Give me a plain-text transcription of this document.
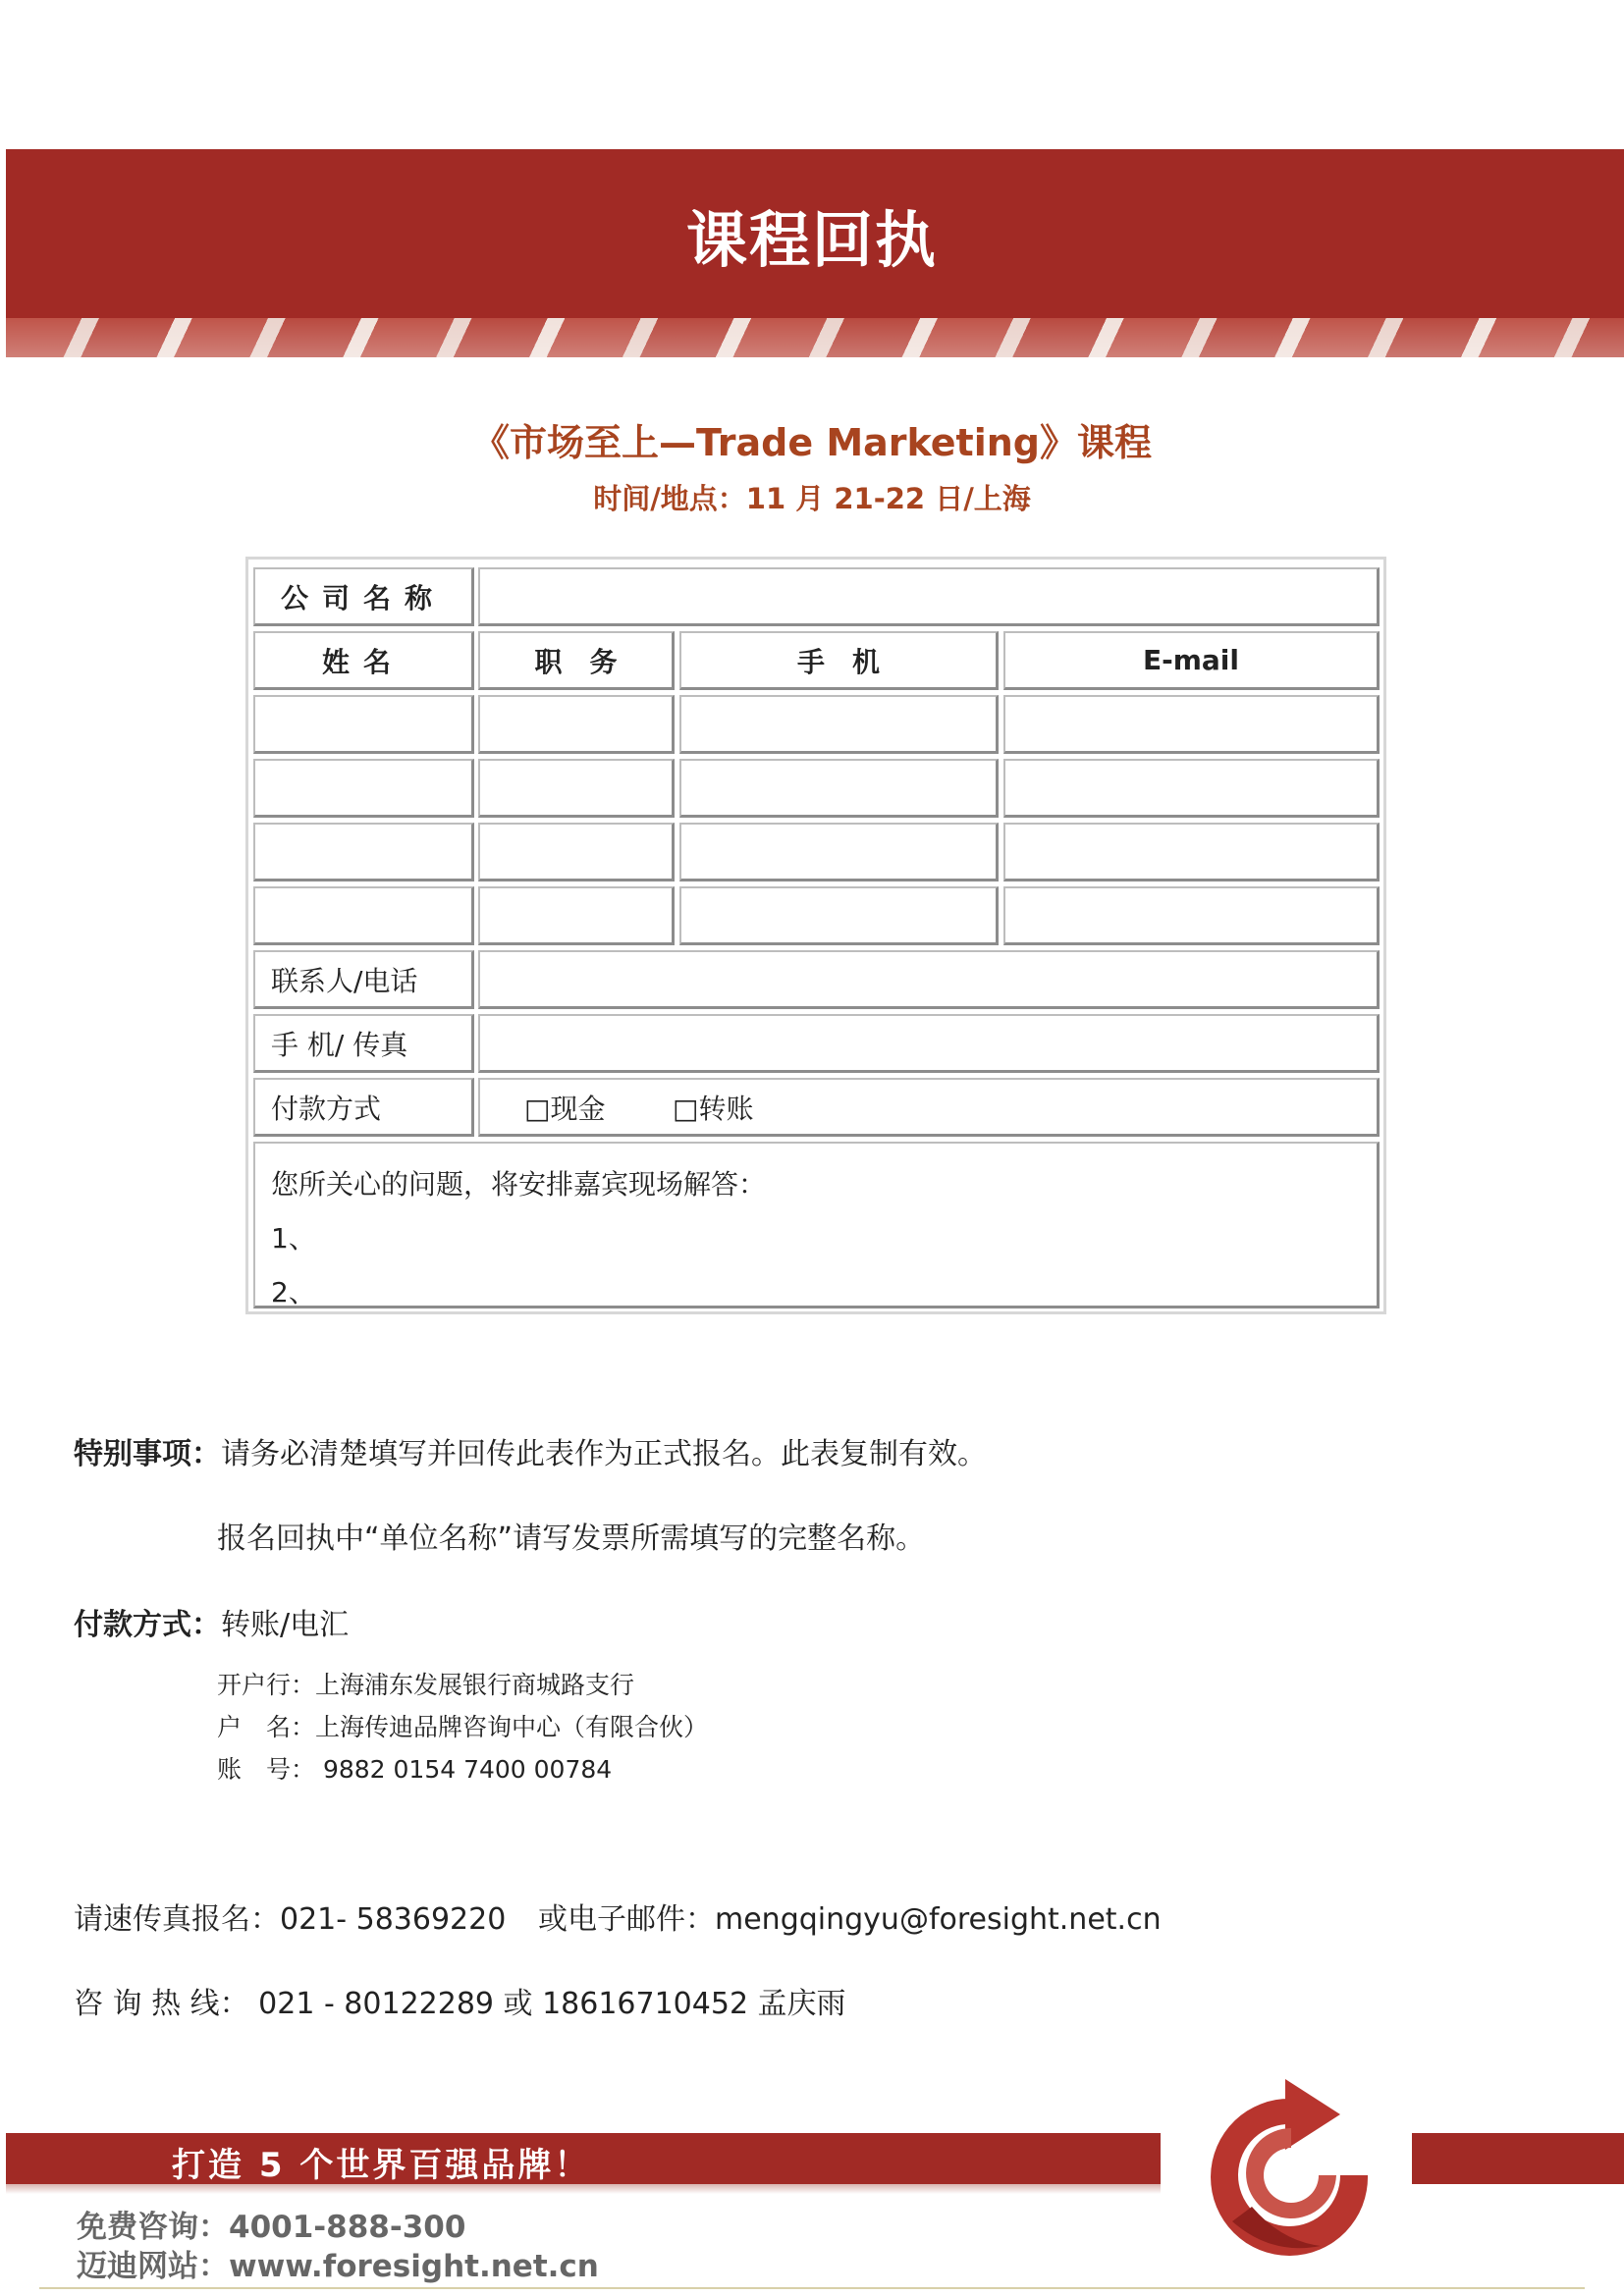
课程回执
《市场至上—Trade Marketing》课程
时间/地点：11 月 21-22 日/上海
公司名称
姓名	职　务	手　机	E-mail
联系人/电话
手 机/ 传真
付款方式	□现金 □转账
您所关心的问题，将安排嘉宾现场解答：
1、
2、
特别事项：请务必清楚填写并回传此表作为正式报名。此表复制有效。
报名回执中“单位名称”请写发票所需填写的完整名称。
付款方式：转账/电汇
开户行：上海浦东发展银行商城路支行
户　名：上海传迪品牌咨询中心（有限合伙）
账　号： 9882 0154 7400 00784
请速传真报名：021- 58369220 或电子邮件：mengqingyu@foresight.net.cn
咨 询 热 线： 021 - 80122289 或 18616710452 孟庆雨
打造 5 个世界百强品牌！
免费咨询：4001-888-300
迈迪网站：www.foresight.net.cn
